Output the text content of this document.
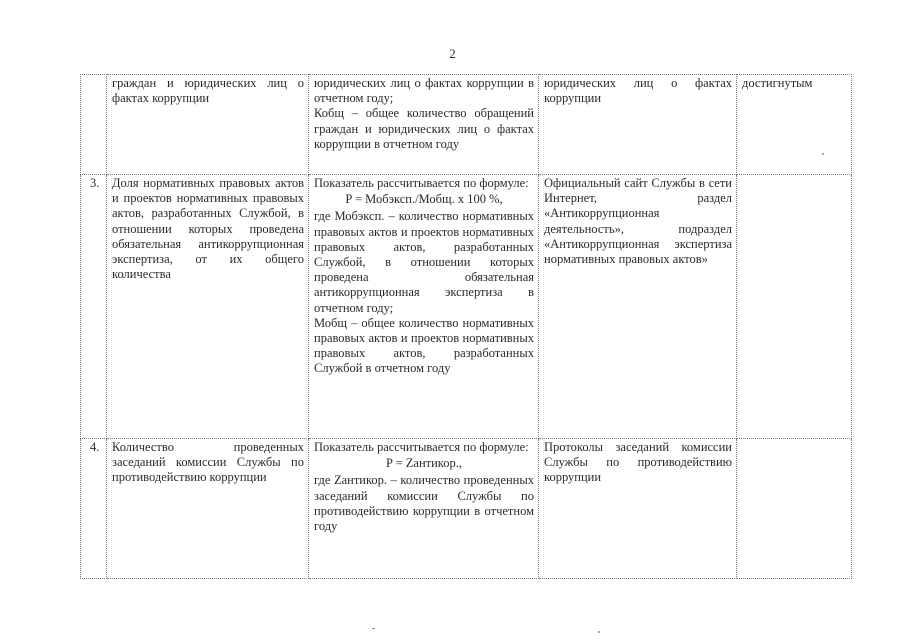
2
	граждан и юридических лиц о фактах коррупции	юридических лиц о фактах коррупции в отчетном году;
Кобщ – общее количество обращений граждан и юридических лиц о фактах коррупции в отчетном году	юридических лиц о фактах коррупции	достигнутым
3.	Доля нормативных правовых актов и проектов нормативных правовых актов, разработанных Службой, в отношении которых проведена обязательная антикоррупционная экспертиза, от их общего количества	Показатель рассчитывается по формуле:
P = Мобэксп./Мобщ. х 100 %,
где Мобэксп. – количество нормативных правовых актов и проектов нормативных правовых актов, разработанных Службой, в отношении которых проведена обязательная антикоррупционная экспертиза в отчетном году;
Мобщ – общее количество нормативных правовых актов и проектов нормативных правовых актов, разработанных Службой в отчетном году	Официальный сайт Службы в сети Интернет, раздел «Антикоррупционная деятельность», подраздел «Антикоррупционная экспертиза нормативных правовых актов»	
4.	Количество проведенных заседаний комиссии Службы по противодействию коррупции	Показатель рассчитывается по формуле:
P = Zантикор.,
где Zантикор. – количество проведенных заседаний комиссии Службы по противодействию коррупции в отчетном году	Протоколы заседаний комиссии Службы по противодействию коррупции	
